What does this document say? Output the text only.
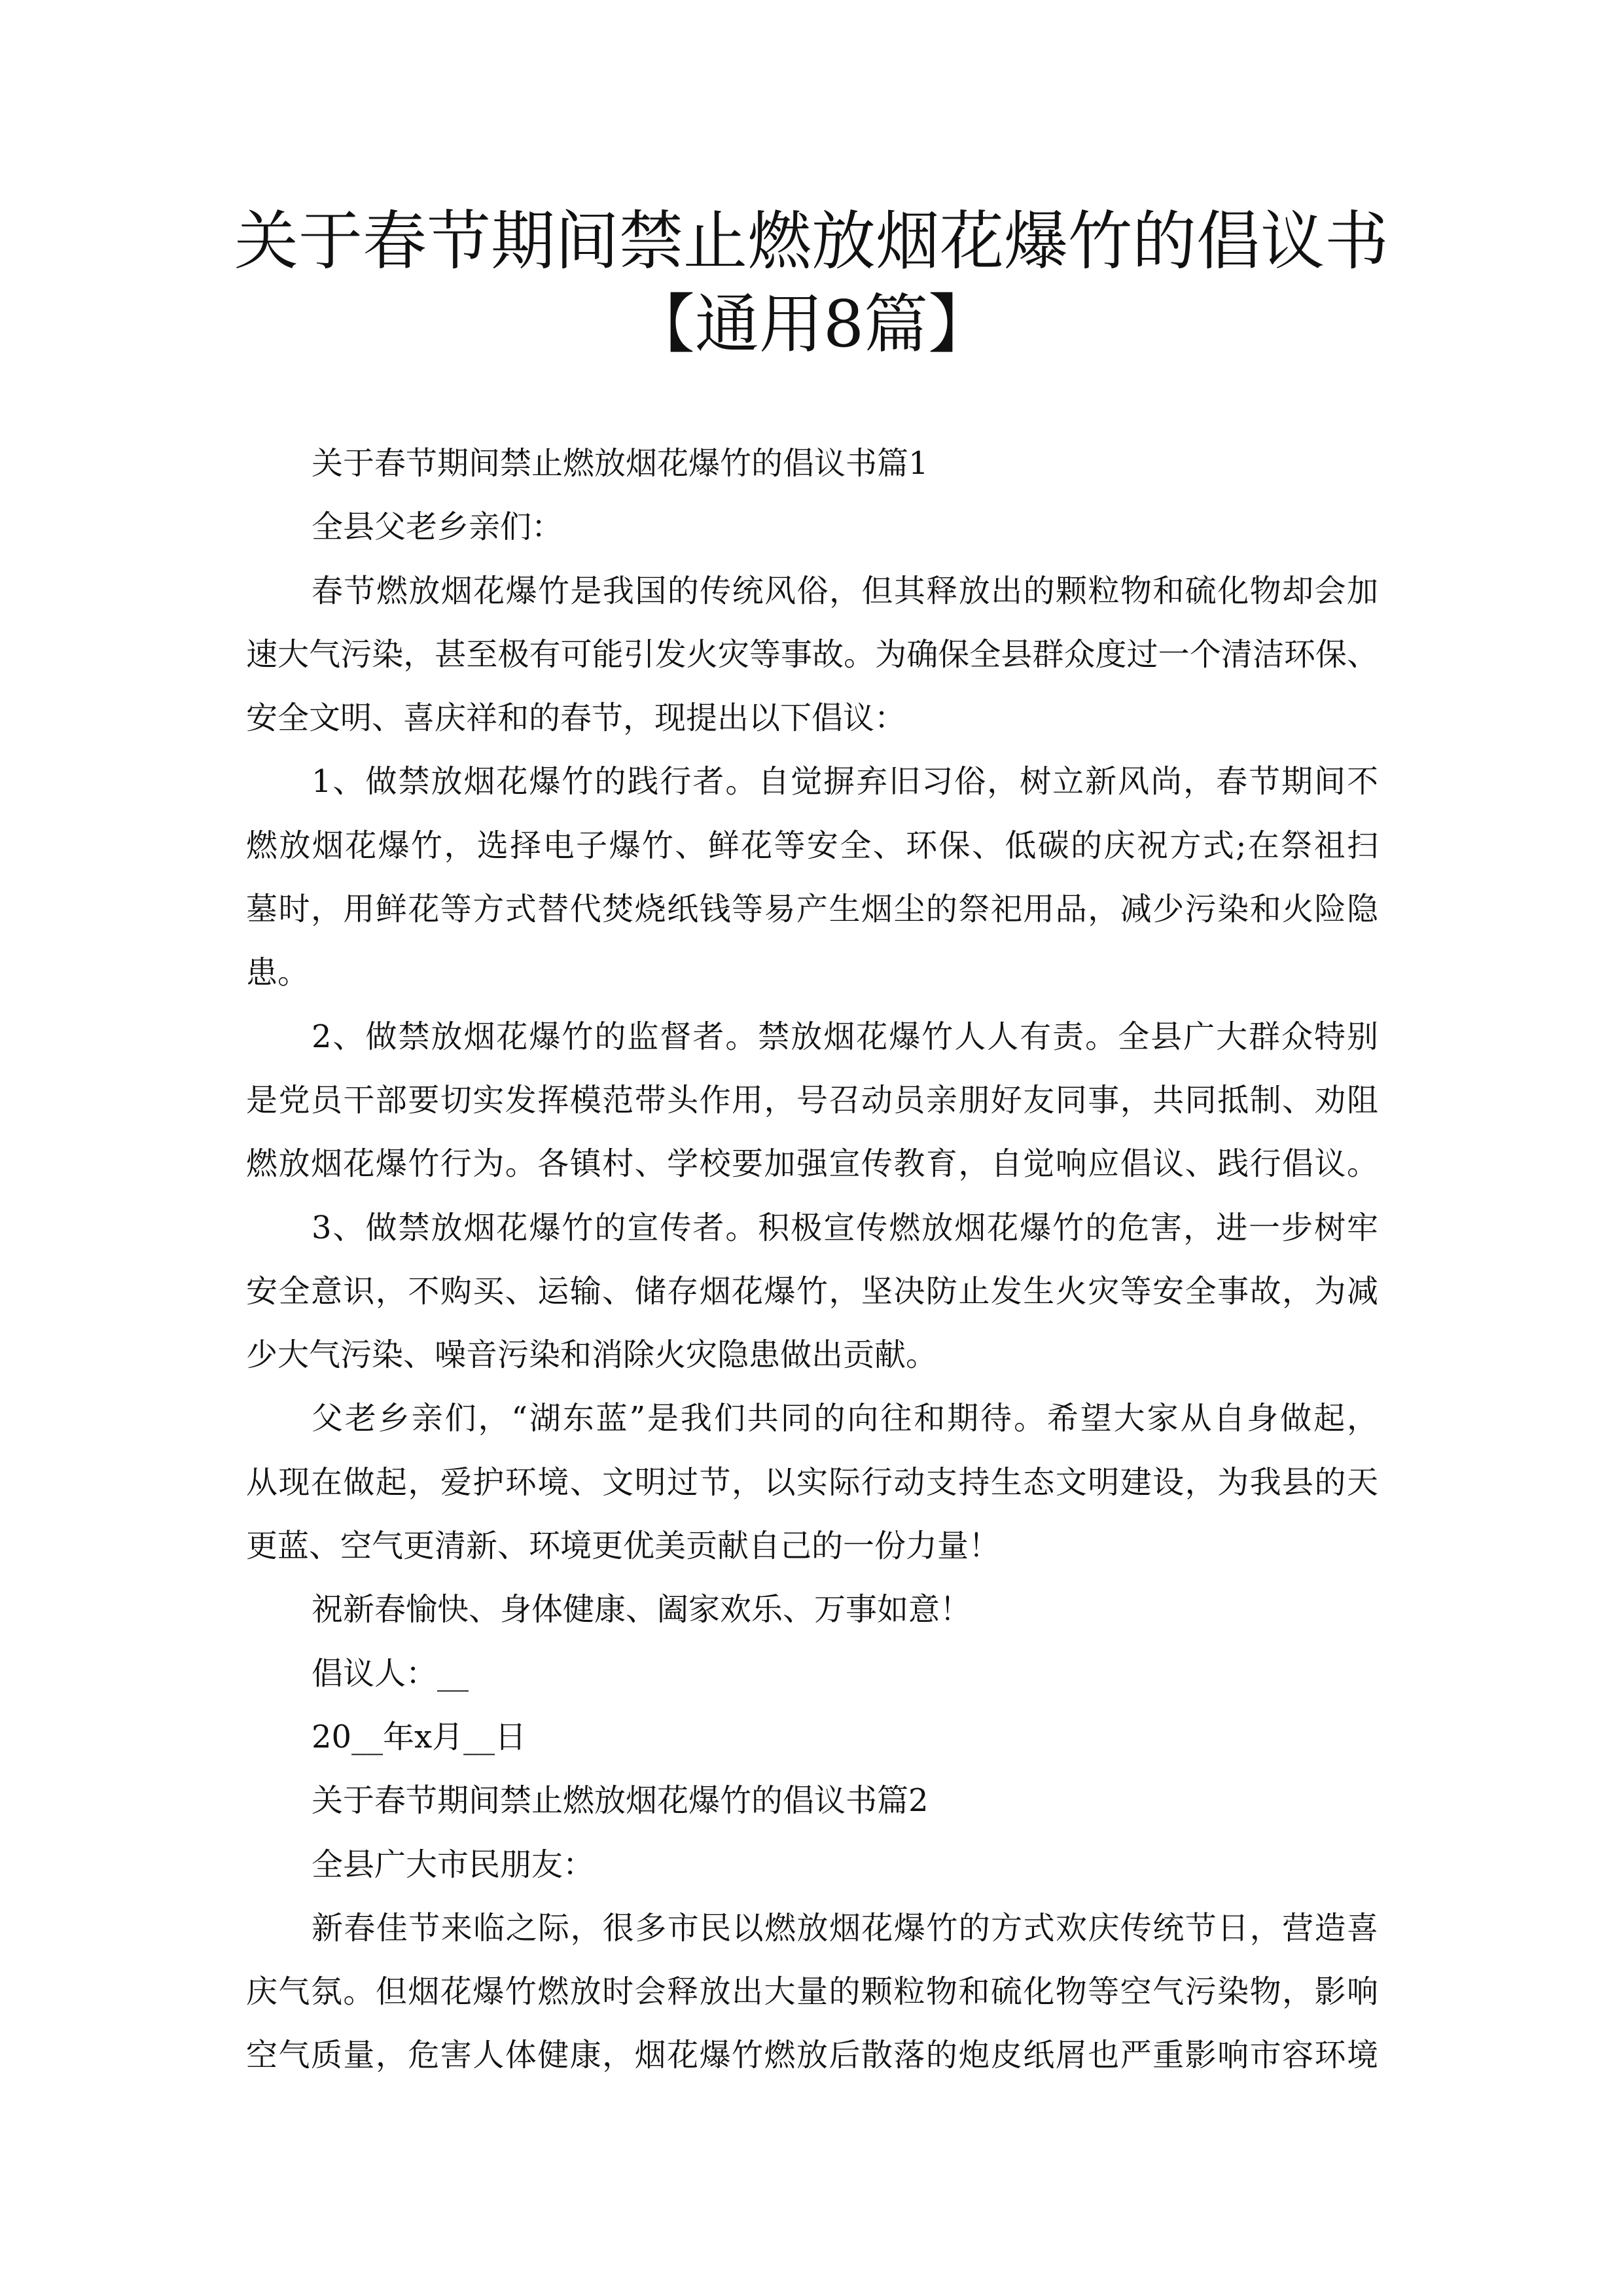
关于春节期间禁止燃放烟花爆竹的倡议书
【通用8篇】
关于春节期间禁止燃放烟花爆竹的倡议书篇1
全县父老乡亲们：
春节燃放烟花爆竹是我国的传统风俗，但其释放出的颗粒物和硫化物却会加
速大气污染，甚至极有可能引发火灾等事故。为确保全县群众度过一个清洁环保、
安全文明、喜庆祥和的春节，现提出以下倡议：
1、做禁放烟花爆竹的践行者。自觉摒弃旧习俗，树立新风尚，春节期间不
燃放烟花爆竹，选择电子爆竹、鲜花等安全、环保、低碳的庆祝方式;在祭祖扫
墓时，用鲜花等方式替代焚烧纸钱等易产生烟尘的祭祀用品，减少污染和火险隐
患。
2、做禁放烟花爆竹的监督者。禁放烟花爆竹人人有责。全县广大群众特别
是党员干部要切实发挥模范带头作用，号召动员亲朋好友同事，共同抵制、劝阻
燃放烟花爆竹行为。各镇村、学校要加强宣传教育，自觉响应倡议、践行倡议。
3、做禁放烟花爆竹的宣传者。积极宣传燃放烟花爆竹的危害，进一步树牢
安全意识，不购买、运输、储存烟花爆竹，坚决防止发生火灾等安全事故，为减
少大气污染、噪音污染和消除火灾隐患做出贡献。
父老乡亲们，“湖东蓝”是我们共同的向往和期待。希望大家从自身做起，
从现在做起，爱护环境、文明过节，以实际行动支持生态文明建设，为我县的天
更蓝、空气更清新、环境更优美贡献自己的一份力量！
祝新春愉快、身体健康、阖家欢乐、万事如意！
倡议人：__
20__年x月__日
关于春节期间禁止燃放烟花爆竹的倡议书篇2
全县广大市民朋友：
新春佳节来临之际，很多市民以燃放烟花爆竹的方式欢庆传统节日，营造喜
庆气氛。但烟花爆竹燃放时会释放出大量的颗粒物和硫化物等空气污染物，影响
空气质量，危害人体健康，烟花爆竹燃放后散落的炮皮纸屑也严重影响市容环境
